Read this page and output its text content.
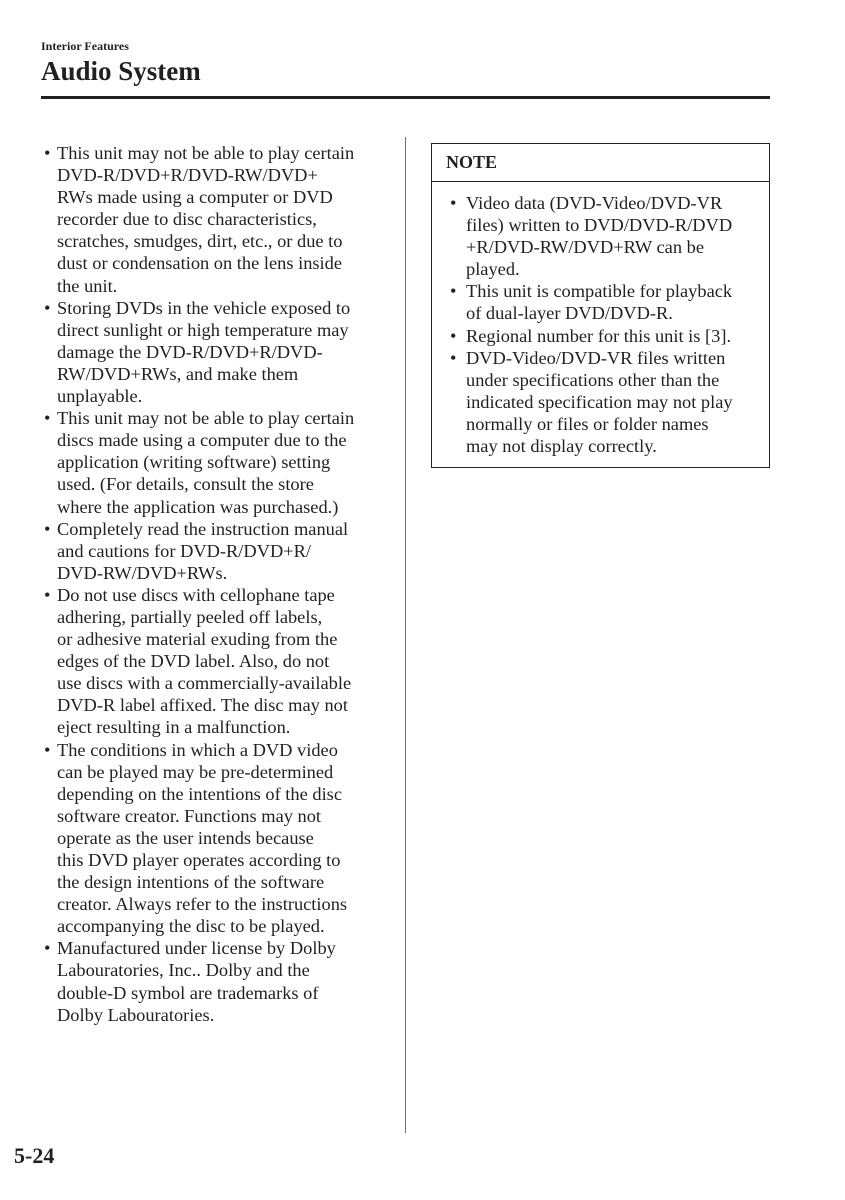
Interior Features
Audio System
• This unit may not be able to play certain
DVD-R/DVD+R/DVD-RW/DVD+
RWs made using a computer or DVD
recorder due to disc characteristics,
scratches, smudges, dirt, etc., or due to
dust or condensation on the lens inside
the unit.
• Storing DVDs in the vehicle exposed to
direct sunlight or high temperature may
damage the DVD-R/DVD+R/DVD-
RW/DVD+RWs, and make them
unplayable.
• This unit may not be able to play certain
discs made using a computer due to the
application (writing software) setting
used. (For details, consult the store
where the application was purchased.)
• Completely read the instruction manual
and cautions for DVD-R/DVD+R/
DVD-RW/DVD+RWs.
• Do not use discs with cellophane tape
adhering, partially peeled off labels,
or adhesive material exuding from the
edges of the DVD label. Also, do not
use discs with a commercially-available
DVD-R label affixed. The disc may not
eject resulting in a malfunction.
• The conditions in which a DVD video
can be played may be pre-determined
depending on the intentions of the disc
software creator. Functions may not
operate as the user intends because
this DVD player operates according to
the design intentions of the software
creator. Always refer to the instructions
accompanying the disc to be played.
• Manufactured under license by Dolby
Labouratories, Inc.. Dolby and the
double-D symbol are trademarks of
Dolby Labouratories.
NOTE
• Video data (DVD-Video/DVD-VR
files) written to DVD/DVD-R/DVD
+R/DVD-RW/DVD+RW can be
played.
• This unit is compatible for playback
of dual-layer DVD/DVD-R.
• Regional number for this unit is [3].
• DVD-Video/DVD-VR files written
under specifications other than the
indicated specification may not play
normally or files or folder names
may not display correctly.
5-24
